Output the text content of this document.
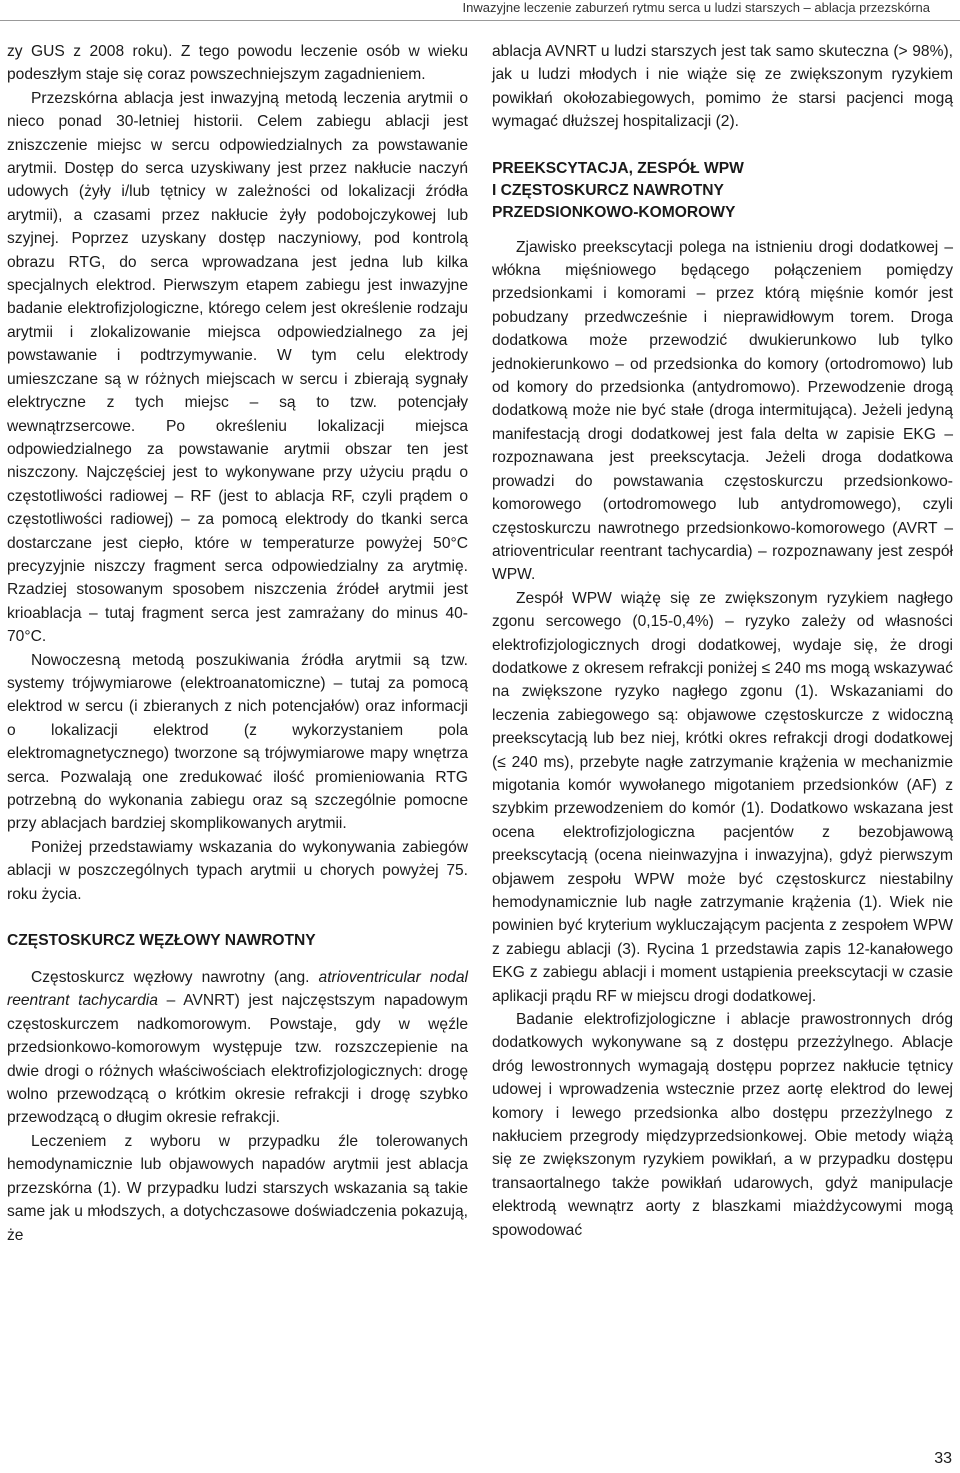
Inwazyjne leczenie zaburzeń rytmu serca u ludzi starszych – ablacja przezskórna

zy GUS z 2008 roku). Z tego powodu leczenie osób w wieku podeszłym staje się coraz powszechniejszym zagadnieniem.

Przezskórna ablacja jest inwazyjną metodą leczenia arytmii o nieco ponad 30-letniej historii. Celem zabiegu ablacji jest zniszczenie miejsc w sercu odpowiedzialnych za powstawanie arytmii. Dostęp do serca uzyskiwany jest przez nakłucie naczyń udowych (żyły i/lub tętnicy w zależności od lokalizacji źródła arytmii), a czasami przez nakłucie żyły podobojczykowej lub szyjnej. Poprzez uzyskany dostęp naczyniowy, pod kontrolą obrazu RTG, do serca wprowadzana jest jedna lub kilka specjalnych elektrod. Pierwszym etapem zabiegu jest inwazyjne badanie elektrofizjologiczne, którego celem jest określenie rodzaju arytmii i zlokalizowanie miejsca odpowiedzialnego za jej powstawanie i podtrzymywanie. W tym celu elektrody umieszczane są w różnych miejscach w sercu i zbierają sygnały elektryczne z tych miejsc – są to tzw. potencjały wewnątrzsercowe. Po określeniu lokalizacji miejsca odpowiedzialnego za powstawanie arytmii obszar ten jest niszczony. Najczęściej jest to wykonywane przy użyciu prądu o częstotliwości radiowej – RF (jest to ablacja RF, czyli prądem o częstotliwości radiowej) – za pomocą elektrody do tkanki serca dostarczane jest ciepło, które w temperaturze powyżej 50°C precyzyjnie niszczy fragment serca odpowiedzialny za arytmię. Rzadziej stosowanym sposobem niszczenia źródeł arytmii jest krioablacja – tutaj fragment serca jest zamrażany do minus 40-70°C.

Nowoczesną metodą poszukiwania źródła arytmii są tzw. systemy trójwymiarowe (elektroanatomiczne) – tutaj za pomocą elektrod w sercu (i zbieranych z nich potencjałów) oraz informacji o lokalizacji elektrod (z wykorzystaniem pola elektromagnetycznego) tworzone są trójwymiarowe mapy wnętrza serca. Pozwalają one zredukować ilość promieniowania RTG potrzebną do wykonania zabiegu oraz są szczególnie pomocne przy ablacjach bardziej skomplikowanych arytmii.

Poniżej przedstawiamy wskazania do wykonywania zabiegów ablacji w poszczególnych typach arytmii u chorych powyżej 75. roku życia.

CZĘSTOSKURCZ WĘZŁOWY NAWROTNY

Częstoskurcz węzłowy nawrotny (ang. atrioventricular nodal reentrant tachycardia – AVNRT) jest najczęstszym napadowym częstoskurczem nadkomorowym. Powstaje, gdy w węźle przedsionkowo-komorowym występuje tzw. rozszczepienie na dwie drogi o różnych właściwościach elektrofizjologicznych: drogę wolno przewodzącą o krótkim okresie refrakcji i drogę szybko przewodzącą o długim okresie refrakcji.

Leczeniem z wyboru w przypadku źle tolerowanych hemodynamicznie lub objawowych napadów arytmii jest ablacja przezskórna (1). W przypadku ludzi starszych wskazania są takie same jak u młodszych, a dotychczasowe doświadczenia pokazują, że

ablacja AVNRT u ludzi starszych jest tak samo skuteczna (> 98%), jak u ludzi młodych i nie wiąże się ze zwiększonym ryzykiem powikłań okołozabiegowych, pomimo że starsi pacjenci mogą wymagać dłuższej hospitalizacji (2).

PREEKSCYTACJA, ZESPÓŁ WPW
I CZĘSTOSKURCZ NAWROTNY
PRZEDSIONKOWO-KOMOROWY

Zjawisko preekscytacji polega na istnieniu drogi dodatkowej – włókna mięśniowego będącego połączeniem pomiędzy przedsionkami i komorami – przez którą mięśnie komór jest pobudzany przedwcześnie i nieprawidłowym torem. Droga dodatkowa może przewodzić dwukierunkowo lub tylko jednokierunkowo – od przedsionka do komory (ortodromowo) lub od komory do przedsionka (antydromowo). Przewodzenie drogą dodatkową może nie być stałe (droga intermitująca). Jeżeli jedyną manifestacją drogi dodatkowej jest fala delta w zapisie EKG – rozpoznawana jest preekscytacja. Jeżeli droga dodatkowa prowadzi do powstawania częstoskurczu przedsionkowo-komorowego (ortodromowego lub antydromowego), czyli częstoskurczu nawrotnego przedsionkowo-komorowego (AVRT – atrioventricular reentrant tachycardia) – rozpoznawany jest zespół WPW.

Zespół WPW wiążę się ze zwiększonym ryzykiem nagłego zgonu sercowego (0,15-0,4%) – ryzyko zależy od własności elektrofizjologicznych drogi dodatkowej, wydaje się, że drogi dodatkowe z okresem refrakcji poniżej ≤ 240 ms mogą wskazywać na zwiększone ryzyko nagłego zgonu (1). Wskazaniami do leczenia zabiegowego są: objawowe częstoskurcze z widoczną preekscytacją lub bez niej, krótki okres refrakcji drogi dodatkowej (≤ 240 ms), przebyte nagłe zatrzymanie krążenia w mechanizmie migotania komór wywołanego migotaniem przedsionków (AF) z szybkim przewodzeniem do komór (1). Dodatkowo wskazana jest ocena elektrofizjologiczna pacjentów z bezobjawową preekscytacją (ocena nieinwazyjna i inwazyjna), gdyż pierwszym objawem zespołu WPW może być częstoskurcz niestabilny hemodynamicznie lub nagłe zatrzymanie krążenia (1). Wiek nie powinien być kryterium wykluczającym pacjenta z zespołem WPW z zabiegu ablacji (3). Rycina 1 przedstawia zapis 12-kanałowego EKG z zabiegu ablacji i moment ustąpienia preekscytacji w czasie aplikacji prądu RF w miejscu drogi dodatkowej.

Badanie elektrofizjologiczne i ablacje prawostronnych dróg dodatkowych wykonywane są z dostępu przezżylnego. Ablacje dróg lewostronnych wymagają dostępu poprzez nakłucie tętnicy udowej i wprowadzenia wstecznie przez aortę elektrod do lewej komory i lewego przedsionka albo dostępu przezżylnego z nakłuciem przegrody międzyprzedsionkowej. Obie metody wiążą się ze zwiększonym ryzykiem powikłań, a w przypadku dostępu transaortalnego także powikłań udarowych, gdyż manipulacje elektrodą wewnątrz aorty z blaszkami miażdżycowymi mogą spowodować

33
